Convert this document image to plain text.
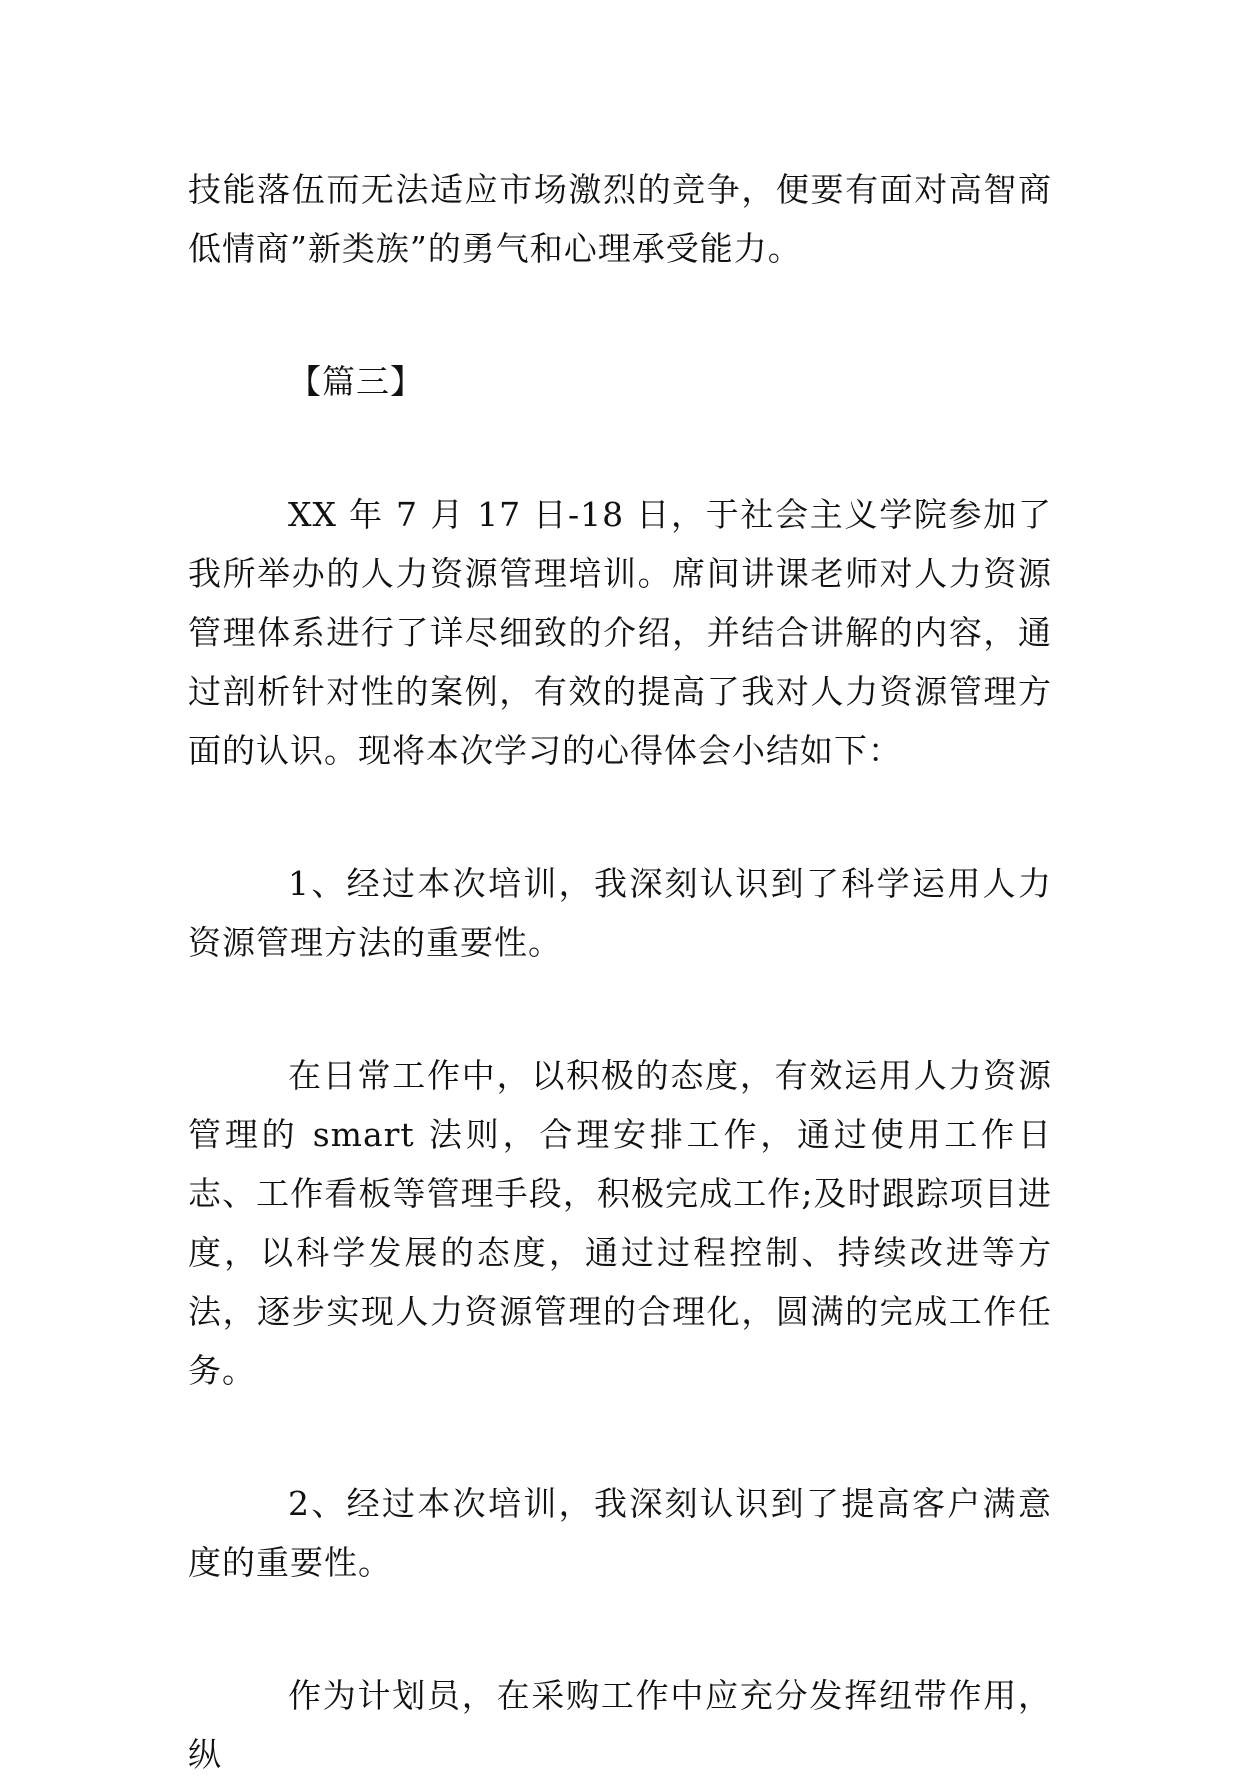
技能落伍而无法适应市场激烈的竞争，便要有面对高智商低情商”新类族”的勇气和心理承受能力。

【篇三】

XX 年 7 月 17 日-18 日，于社会主义学院参加了我所举办的人力资源管理培训。席间讲课老师对人力资源管理体系进行了详尽细致的介绍，并结合讲解的内容，通过剖析针对性的案例，有效的提高了我对人力资源管理方面的认识。现将本次学习的心得体会小结如下：

1、经过本次培训，我深刻认识到了科学运用人力资源管理方法的重要性。

在日常工作中，以积极的态度，有效运用人力资源管理的 smart 法则，合理安排工作，通过使用工作日志、工作看板等管理手段，积极完成工作;及时跟踪项目进度，以科学发展的态度，通过过程控制、持续改进等方法，逐步实现人力资源管理的合理化，圆满的完成工作任务。

2、经过本次培训，我深刻认识到了提高客户满意度的重要性。

作为计划员，在采购工作中应充分发挥纽带作用，纵
